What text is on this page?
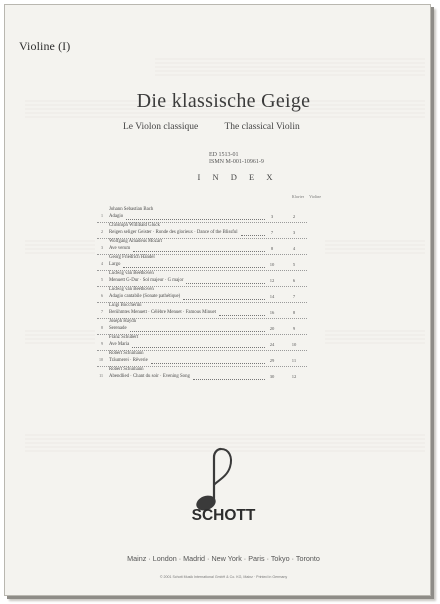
Violine (I)
Die klassische Geige
Le Violon classique	The classical Violin
ED 1513-01
ISMN M-001-10961-9
I N D E X
Klavier Violine
1
Johann Sebastian Bach
Adagio	3	2
2
Christoph Willibald Gluck
Reigen seliger Geister · Ronde des glorieux · Dance of the Blissful	7	3
3
Wolfgang Amadeus Mozart
Ave verum	8	4
4
Georg Friedrich Händel
Largo	10	5
5
Ludwig van Beethoven
Menuett G-Dur · Sol majeur · G major	12	6
6
Ludwig van Beethoven
Adagio cantabile (Sonate pathétique)	14	7
7
Luigi Boccherini
Berühmtes Menuett · Célèbre Menuet · Famous Minuet	16	8
8
Joseph Haydn
Serenade	20	9
9
Franz Schubert
Ave Maria	24	10
10
Robert Schumann
Träumerei · Rêverie	29	11
11
Robert Schumann
Abendlied · Chant du soir · Evening Song	30	12
SCHOTT
Mainz · London · Madrid · New York · Paris · Tokyo · Toronto
© 2001 Schott Musik International GmbH & Co. KG, Mainz · Printed in Germany
